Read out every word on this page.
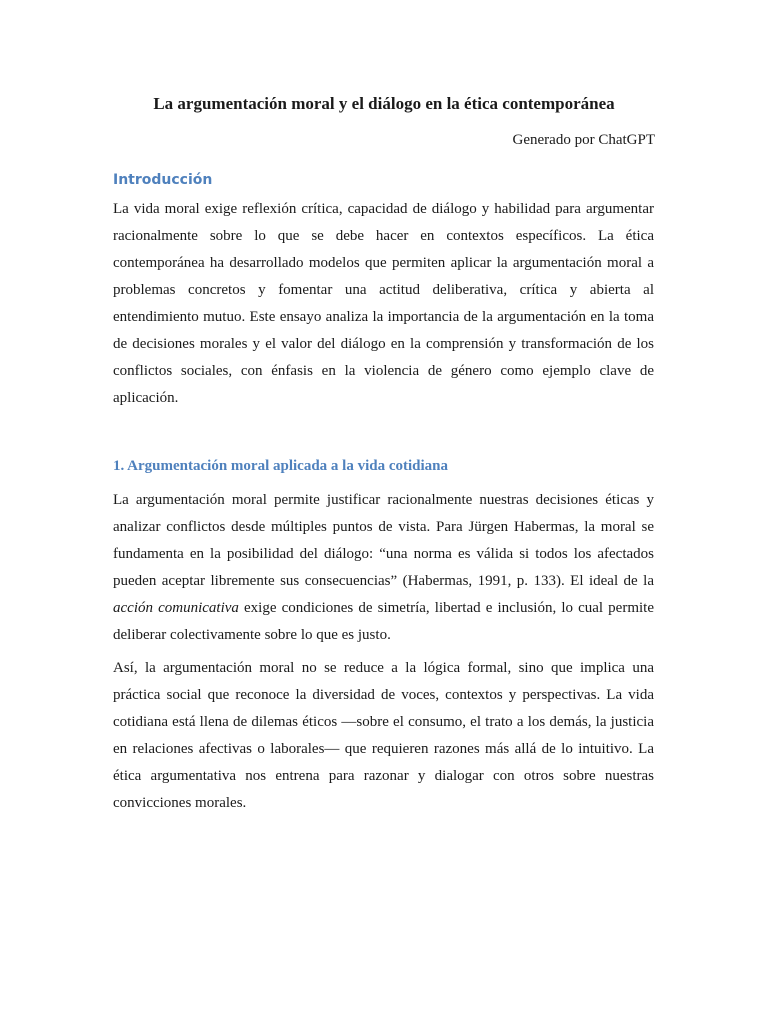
La argumentación moral y el diálogo en la ética contemporánea
Generado por ChatGPT
Introducción

La vida moral exige reflexión crítica, capacidad de diálogo y habilidad para argumentar racionalmente sobre lo que se debe hacer en contextos específicos. La ética contemporánea ha desarrollado modelos que permiten aplicar la argumentación moral a problemas concretos y fomentar una actitud deliberativa, crítica y abierta al entendimiento mutuo. Este ensayo analiza la importancia de la argumentación en la toma de decisiones morales y el valor del diálogo en la comprensión y transformación de los conflictos sociales, con énfasis en la violencia de género como ejemplo clave de aplicación.

1. Argumentación moral aplicada a la vida cotidiana

La argumentación moral permite justificar racionalmente nuestras decisiones éticas y analizar conflictos desde múltiples puntos de vista. Para Jürgen Habermas, la moral se fundamenta en la posibilidad del diálogo: “una norma es válida si todos los afectados pueden aceptar libremente sus consecuencias” (Habermas, 1991, p. 133). El ideal de la acción comunicativa exige condiciones de simetría, libertad e inclusión, lo cual permite deliberar colectivamente sobre lo que es justo.

Así, la argumentación moral no se reduce a la lógica formal, sino que implica una práctica social que reconoce la diversidad de voces, contextos y perspectivas. La vida cotidiana está llena de dilemas éticos —sobre el consumo, el trato a los demás, la justicia en relaciones afectivas o laborales— que requieren razones más allá de lo intuitivo. La ética argumentativa nos entrena para razonar y dialogar con otros sobre nuestras convicciones morales.
